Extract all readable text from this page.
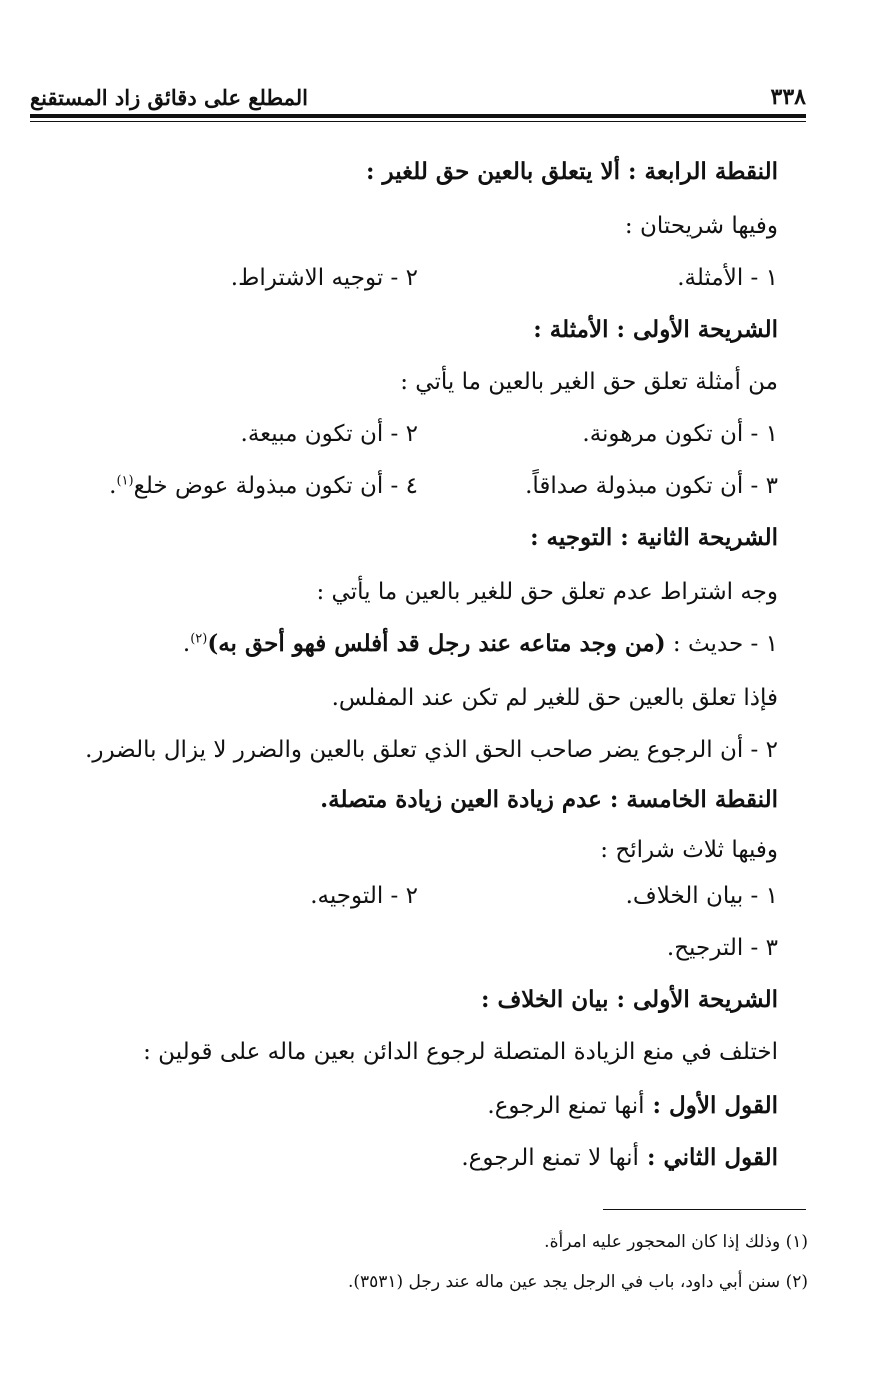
المطلع على دقائق زاد المستقنع	٣٣٨
النقطة الرابعة : ألا يتعلق بالعين حق للغير :
وفيها شريحتان :
١ - الأمثلة.
٢ - توجيه الاشتراط.
الشريحة الأولى : الأمثلة :
من أمثلة تعلق حق الغير بالعين ما يأتي :
١ - أن تكون مرهونة.
٢ - أن تكون مبيعة.
٣ - أن تكون مبذولة صداقاً.
٤ - أن تكون مبذولة عوض خلع$^{(١)}$.
الشريحة الثانية : التوجيه :
وجه اشتراط عدم تعلق حق للغير بالعين ما يأتي :
١ - حديث : (من وجد متاعه عند رجل قد أفلس فهو أحق به)$^{(٢)}$.
فإذا تعلق بالعين حق للغير لم تكن عند المفلس.
٢ - أن الرجوع يضر صاحب الحق الذي تعلق بالعين والضرر لا يزال بالضرر.
النقطة الخامسة : عدم زيادة العين زيادة متصلة.
وفيها ثلاث شرائح :
١ - بيان الخلاف.
٢ - التوجيه.
٣ - الترجيح.
الشريحة الأولى : بيان الخلاف :
اختلف في منع الزيادة المتصلة لرجوع الدائن بعين ماله على قولين :
القول الأول : أنها تمنع الرجوع.
القول الثاني : أنها لا تمنع الرجوع.
(١) وذلك إذا كان المحجور عليه امرأة.
(٢) سنن أبي داود، باب في الرجل يجد عين ماله عند رجل (٣٥٣١).
